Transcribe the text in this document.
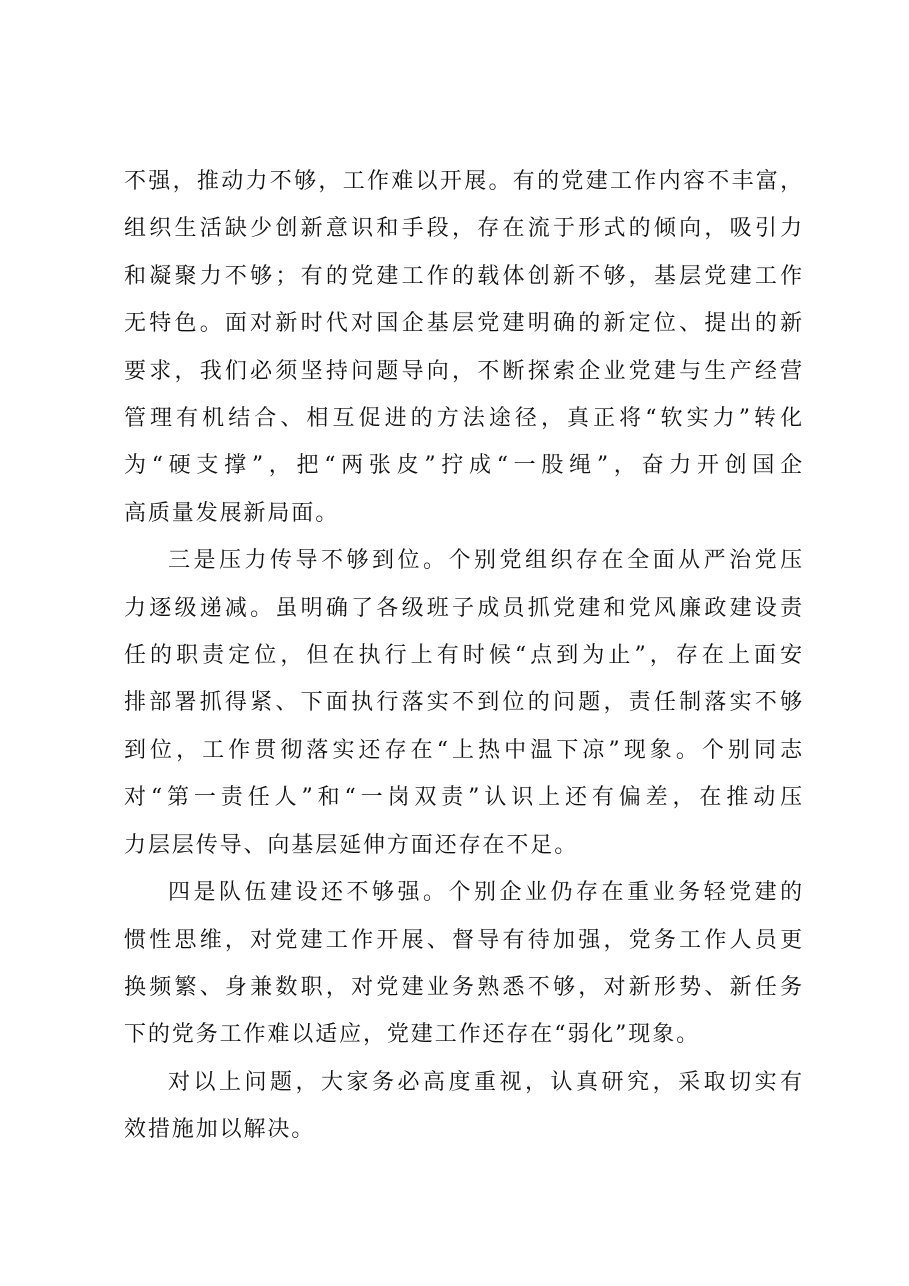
不强，推动力不够，工作难以开展。有的党建工作内容不丰富，
组织生活缺少创新意识和手段，存在流于形式的倾向，吸引力
和凝聚力不够；有的党建工作的载体创新不够，基层党建工作
无特色。面对新时代对国企基层党建明确的新定位、提出的新
要求，我们必须坚持问题导向，不断探索企业党建与生产经营
管理有机结合、相互促进的方法途径，真正将“软实力”转化
为“硬支撑”，把“两张皮”拧成“一股绳”，奋力开创国企
高质量发展新局面。

三是压力传导不够到位。个别党组织存在全面从严治党压
力逐级递减。虽明确了各级班子成员抓党建和党风廉政建设责
任的职责定位，但在执行上有时候“点到为止”，存在上面安
排部署抓得紧、下面执行落实不到位的问题，责任制落实不够
到位，工作贯彻落实还存在“上热中温下凉”现象。个别同志
对“第一责任人”和“一岗双责”认识上还有偏差，在推动压
力层层传导、向基层延伸方面还存在不足。

四是队伍建设还不够强。个别企业仍存在重业务轻党建的
惯性思维，对党建工作开展、督导有待加强，党务工作人员更
换频繁、身兼数职，对党建业务熟悉不够，对新形势、新任务
下的党务工作难以适应，党建工作还存在“弱化”现象。

对以上问题，大家务必高度重视，认真研究，采取切实有
效措施加以解决。
